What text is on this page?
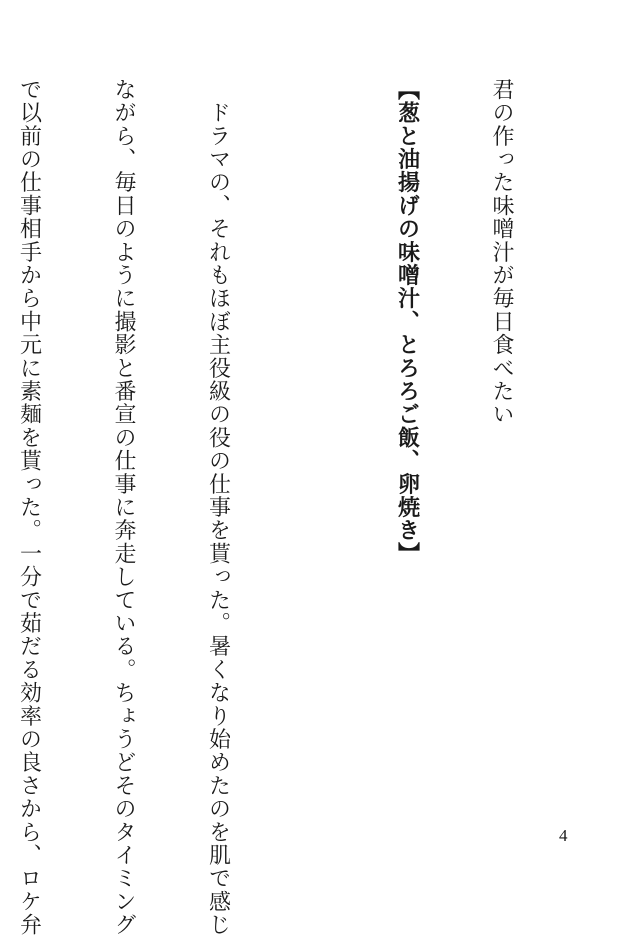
君の作った味噌汁が毎日食べたい

【葱と油揚げの味噌汁、とろろご飯、卵焼き】

　ドラマの、それもほぼ主役級の役の仕事を貰った。暑くなり始めたのを肌で感じ

ながら、毎日のように撮影と番宣の仕事に奔走している。ちょうどそのタイミング

で以前の仕事相手から中元に素麺を貰った。一分で茹だる効率の良さから、ロケ弁

	4
